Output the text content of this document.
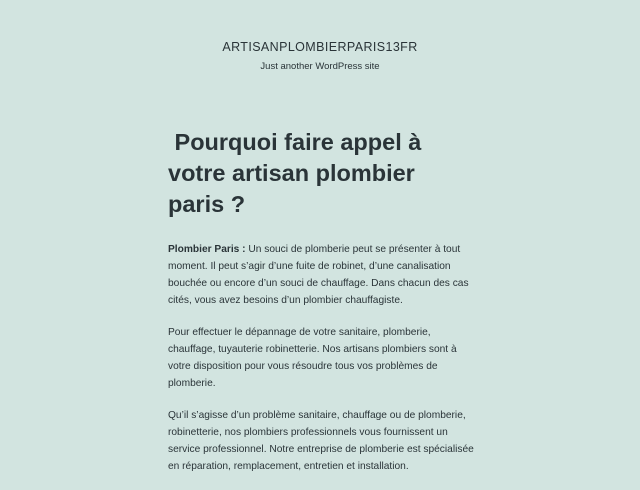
ARTISANPLOMBIERPARIS13FR
Just another WordPress site
Pourquoi faire appel à votre artisan plombier paris ?

Plombier Paris : Un souci de plomberie peut se présenter à tout moment. Il peut s’agir d’une fuite de robinet, d’une canalisation bouchée ou encore d’un souci de chauffage. Dans chacun des cas cités, vous avez besoins d’un plombier chauffagiste.

Pour effectuer le dépannage de votre sanitaire, plomberie, chauffage, tuyauterie robinetterie. Nos artisans plombiers sont à votre disposition pour vous résoudre tous vos problèmes de plomberie.

Qu’il s’agisse d’un problème sanitaire, chauffage ou de plomberie, robinetterie, nos plombiers professionnels vous fournissent un service professionnel. Notre entreprise de plomberie est spécialisée en réparation, remplacement, entretien et installation.
